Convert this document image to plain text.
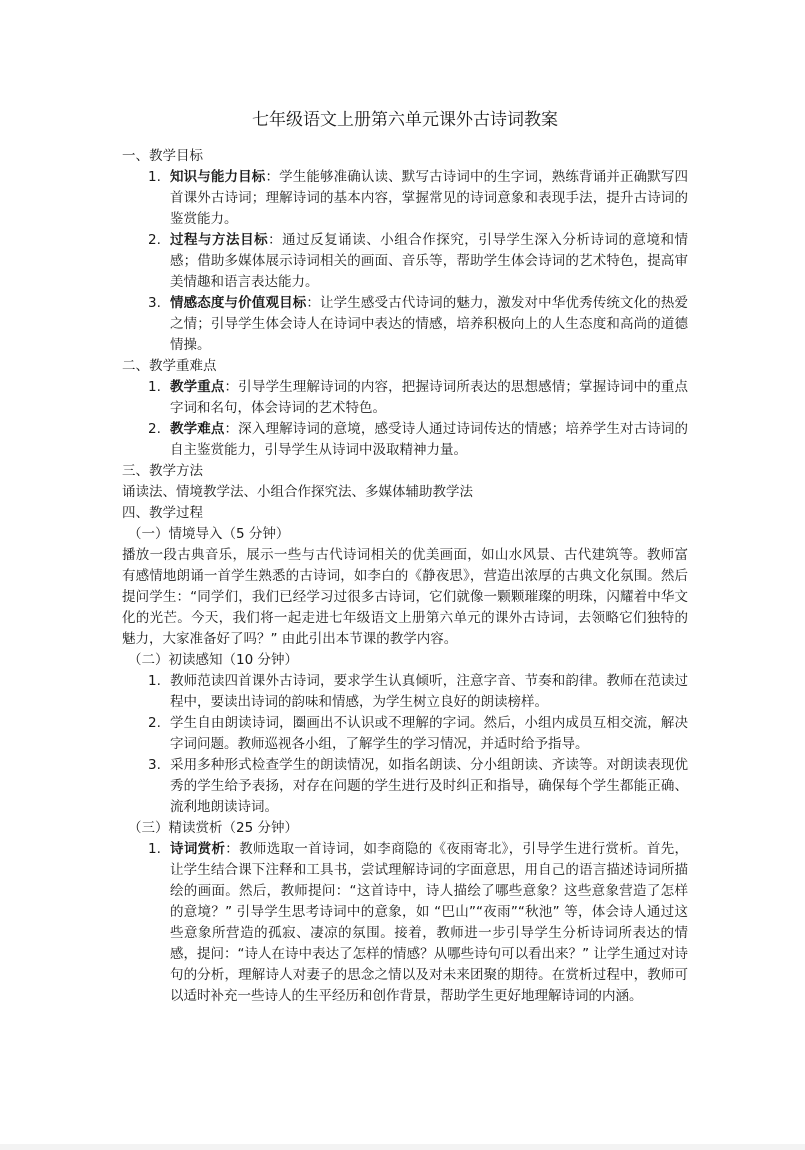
七年级语文上册第六单元课外古诗词教案
一、教学目标
1. 知识与能力目标：学生能够准确认读、默写古诗词中的生字词，熟练背诵并正确默写四首课外古诗词；理解诗词的基本内容，掌握常见的诗词意象和表现手法，提升古诗词的鉴赏能力。
2. 过程与方法目标：通过反复诵读、小组合作探究，引导学生深入分析诗词的意境和情感；借助多媒体展示诗词相关的画面、音乐等，帮助学生体会诗词的艺术特色，提高审美情趣和语言表达能力。
3. 情感态度与价值观目标：让学生感受古代诗词的魅力，激发对中华优秀传统文化的热爱之情；引导学生体会诗人在诗词中表达的情感，培养积极向上的人生态度和高尚的道德情操。
二、教学重难点
1. 教学重点：引导学生理解诗词的内容，把握诗词所表达的思想感情；掌握诗词中的重点字词和名句，体会诗词的艺术特色。
2. 教学难点：深入理解诗词的意境，感受诗人通过诗词传达的情感；培养学生对古诗词的自主鉴赏能力，引导学生从诗词中汲取精神力量。
三、教学方法

诵读法、情境教学法、小组合作探究法、多媒体辅助教学法

四、教学过程
（一）情境导入（5 分钟）

播放一段古典音乐，展示一些与古代诗词相关的优美画面，如山水风景、古代建筑等。教师富有感情地朗诵一首学生熟悉的古诗词，如李白的《静夜思》，营造出浓厚的古典文化氛围。然后提问学生：“同学们，我们已经学习过很多古诗词，它们就像一颗颗璀璨的明珠，闪耀着中华文化的光芒。今天，我们将一起走进七年级语文上册第六单元的课外古诗词，去领略它们独特的魅力，大家准备好了吗？” 由此引出本节课的教学内容。

（二）初读感知（10 分钟）
1. 教师范读四首课外古诗词，要求学生认真倾听，注意字音、节奏和韵律。教师在范读过程中，要读出诗词的韵味和情感，为学生树立良好的朗读榜样。
2. 学生自由朗读诗词，圈画出不认识或不理解的字词。然后，小组内成员互相交流，解决字词问题。教师巡视各小组，了解学生的学习情况，并适时给予指导。
3. 采用多种形式检查学生的朗读情况，如指名朗读、分小组朗读、齐读等。对朗读表现优秀的学生给予表扬，对存在问题的学生进行及时纠正和指导，确保每个学生都能正确、流利地朗读诗词。
（三）精读赏析（25 分钟）
1. 诗词赏析：教师选取一首诗词，如李商隐的《夜雨寄北》，引导学生进行赏析。首先，让学生结合课下注释和工具书，尝试理解诗词的字面意思，用自己的语言描述诗词所描绘的画面。然后，教师提问：“这首诗中，诗人描绘了哪些意象？这些意象营造了怎样的意境？” 引导学生思考诗词中的意象，如 “巴山”“夜雨”“秋池” 等，体会诗人通过这些意象所营造的孤寂、凄凉的氛围。接着，教师进一步引导学生分析诗词所表达的情感，提问：“诗人在诗中表达了怎样的情感？从哪些诗句可以看出来？” 让学生通过对诗句的分析，理解诗人对妻子的思念之情以及对未来团聚的期待。在赏析过程中，教师可以适时补充一些诗人的生平经历和创作背景，帮助学生更好地理解诗词的内涵。
